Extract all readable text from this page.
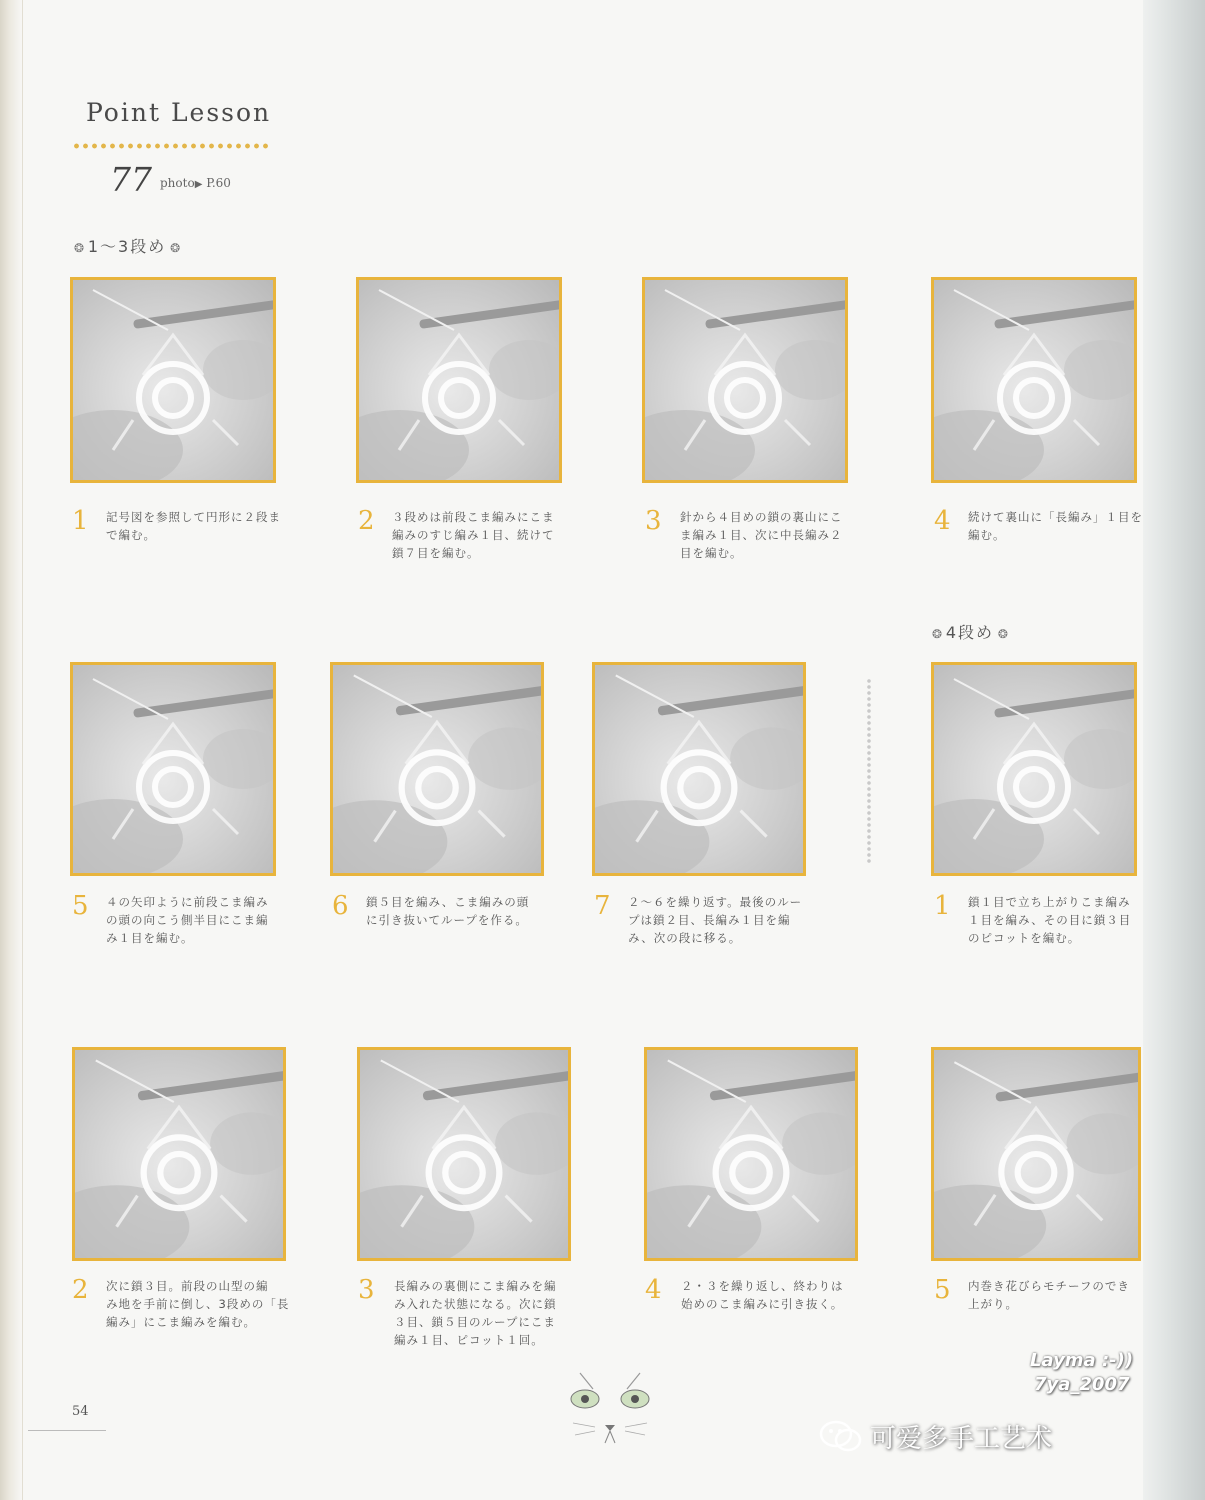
Point Lesson
77 photo▶ P.60
❂ 1～3段め ❂
❂ 4段め ❂
1 記号図を参照して円形に２段ま
で編む。	2 ３段めは前段こま編みにこま
編みのすじ編み１目、続けて
鎖７目を編む。
3 針から４目めの鎖の裏山にこ
ま編み１目、次に中長編み２
目を編む。
4 続けて裏山に「長編み」１目を
編む。
5 ４の矢印ように前段こま編み
の頭の向こう側半目にこま編
み１目を編む。
6 鎖５目を編み、こま編みの頭
に引き抜いてループを作る。	7 ２～６を繰り返す。最後のルー
プは鎖２目、長編み１目を編
み、次の段に移る。
1 鎖１目で立ち上がりこま編み
１目を編み、その目に鎖３目
のピコットを編む。
2 次に鎖３目。前段の山型の編
み地を手前に倒し、3段めの「長
編み」にこま編みを編む。
3 長編みの裏側にこま編みを編
み入れた状態になる。次に鎖
３目、鎖５目のループにこま
編み１目、ピコット１回。
4 ２・３を繰り返し、終わりは
始めのこま編みに引き抜く。	5 内巻き花びらモチーフのでき
上がり。
54
Layma :-))
7ya_2007
可爱多手工艺术
